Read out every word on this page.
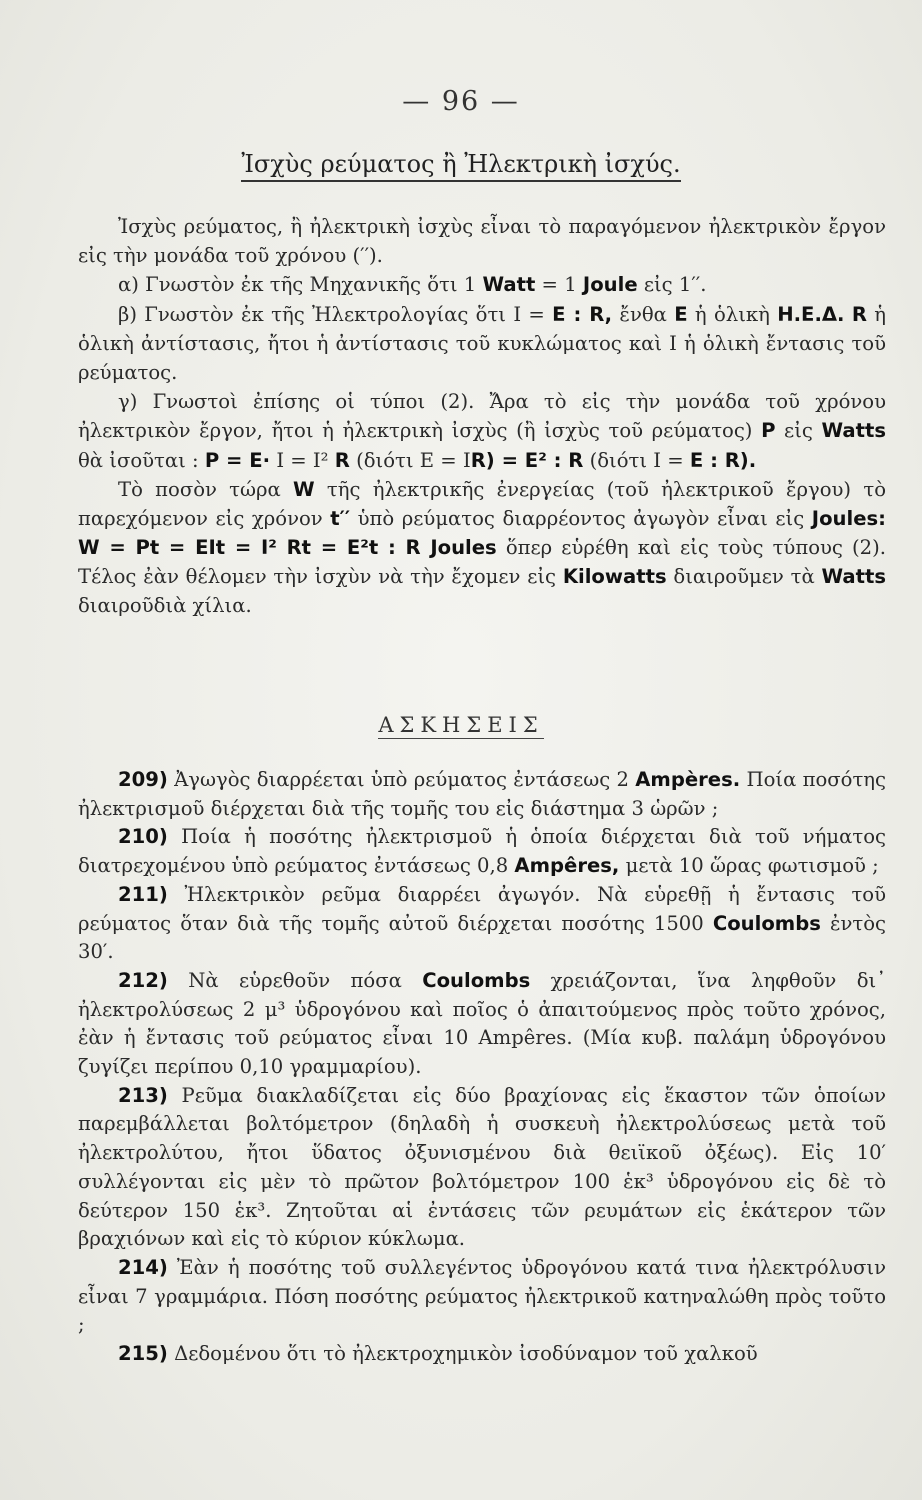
— 96 —
Ἰσχὺς ρεύματος ἢ Ἠλεκτρικὴ ἰσχύς.

Ἰσχὺς ρεύματος, ἢ ἠλεκτρικὴ ἰσχὺς εἶναι τὸ παραγόμενον ἠλεκτρικὸν ἔργον εἰς τὴν μονάδα τοῦ χρόνου (′′).

α) Γνωστὸν ἐκ τῆς Μηχανικῆς ὅτι 1 Watt = 1 Joule εἰς 1′′.

β) Γνωστὸν ἐκ τῆς Ἠλεκτρολογίας ὅτι Ι = Ε : R, ἔνθα Ε ἡ ὁλικὴ Η.Ε.Δ. R ἡ ὁλικὴ ἀντίστασις, ἤτοι ἡ ἀντίστασις τοῦ κυκλώματος καὶ Ι ἡ ὁλικὴ ἔντασις τοῦ ρεύματος.

γ) Γνωστοὶ ἐπίσης οἱ τύποι (2). Ἄρα τὸ εἰς τὴν μονάδα τοῦ χρόνου ἠλεκτρικὸν ἔργον, ἤτοι ἡ ἠλεκτρικὴ ἰσχὺς (ἢ ἰσχὺς τοῦ ρεύματος) P εἰς Watts θὰ ἰσοῦται : P = E· Ι = Ι² R (διότι Ε = ΙR) = E² : R (διότι Ι = Ε : R).

Τὸ ποσὸν τώρα W τῆς ἠλεκτρικῆς ἐνεργείας (τοῦ ἠλεκτρικοῦ ἔργου) τὸ παρεχόμενον εἰς χρόνον t′′ ὑπὸ ρεύματος διαρρέοντος ἀγωγὸν εἶναι εἰς Joules: W = Pt = EIt = Ι² Rt = E²t : R Joules ὅπερ εὑρέθη καὶ εἰς τοὺς τύπους (2). Τέλος ἐὰν θέλομεν τὴν ἰσχὺν νὰ τὴν ἔχομεν εἰς Kilowatts διαιροῦμεν τὰ Watts διαιροῦδιὰ χίλια.

ΑΣΚΗΣΕΙΣ

209) Ἀγωγὸς διαρρέεται ὑπὸ ρεύματος ἐντάσεως 2 Ampères. Ποία ποσότης ἠλεκτρισμοῦ διέρχεται διὰ τῆς τομῆς του εἰς διάστημα 3 ὡρῶν ;

210) Ποία ἡ ποσότης ἠλεκτρισμοῦ ἡ ὁποία διέρχεται διὰ τοῦ νήματος διατρεχομένου ὑπὸ ρεύματος ἐντάσεως 0,8 Ampêres, μετὰ 10 ὥρας φωτισμοῦ ;

211) Ἠλεκτρικὸν ρεῦμα διαρρέει ἀγωγόν. Νὰ εὑρεθῇ ἡ ἔντασις τοῦ ρεύματος ὅταν διὰ τῆς τομῆς αὐτοῦ διέρχεται ποσότης 1500 Coulombs ἐντὸς 30′.

212) Νὰ εὑρεθοῦν πόσα Coulombs χρειάζονται, ἵνα ληφθοῦν δι᾽ ἠλεκτρολύσεως 2 μ³ ὑδρογόνου καὶ ποῖος ὁ ἀπαιτούμενος πρὸς τοῦτο χρόνος, ἐὰν ἡ ἔντασις τοῦ ρεύματος εἶναι 10 Ampêres. (Μία κυβ. παλάμη ὑδρογόνου ζυγίζει περίπου 0,10 γραμμαρίου).

213) Ρεῦμα διακλαδίζεται εἰς δύο βραχίονας εἰς ἕκαστον τῶν ὁποίων παρεμβάλλεται βολτόμετρον (δηλαδὴ ἡ συσκευὴ ἠλεκτρολύσεως μετὰ τοῦ ἠλεκτρολύτου, ἤτοι ὕδατος ὀξυνισμένου διὰ θειϊκοῦ ὀξέως). Εἰς 10′ συλλέγονται εἰς μὲν τὸ πρῶτον βολτόμετρον 100 ἑκ³ ὑδρογόνου εἰς δὲ τὸ δεύτερον 150 ἑκ³. Ζητοῦται αἱ ἐντάσεις τῶν ρευμάτων εἰς ἑκάτερον τῶν βραχιόνων καὶ εἰς τὸ κύριον κύκλωμα.

214) Ἐὰν ἡ ποσότης τοῦ συλλεγέντος ὑδρογόνου κατά τινα ἠλεκτρόλυσιν εἶναι 7 γραμμάρια. Πόση ποσότης ρεύματος ἠλεκτρικοῦ κατηναλώθη πρὸς τοῦτο ;

215) Δεδομένου ὅτι τὸ ἠλεκτροχημικὸν ἰσοδύναμον τοῦ χαλκοῦ
